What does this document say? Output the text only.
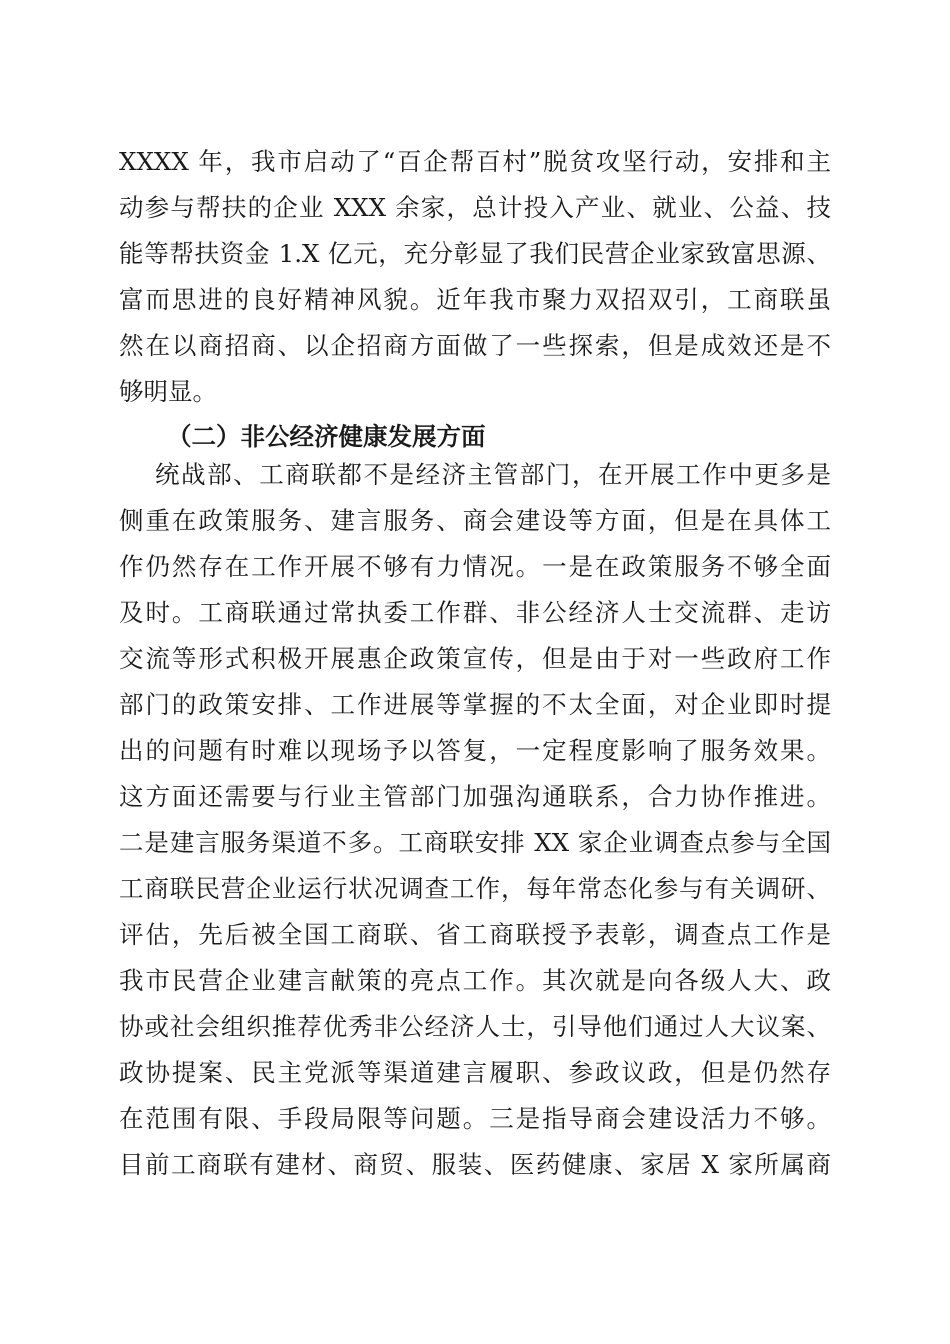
XXXX 年，我市启动了“百企帮百村”脱贫攻坚行动，安排和主
动参与帮扶的企业 XXX 余家，总计投入产业、就业、公益、技
能等帮扶资金 1.X 亿元，充分彰显了我们民营企业家致富思源、
富而思进的良好精神风貌。近年我市聚力双招双引，工商联虽
然在以商招商、以企招商方面做了一些探索，但是成效还是不
够明显。
（二）非公经济健康发展方面
统战部、工商联都不是经济主管部门，在开展工作中更多是
侧重在政策服务、建言服务、商会建设等方面，但是在具体工
作仍然存在工作开展不够有力情况。一是在政策服务不够全面
及时。工商联通过常执委工作群、非公经济人士交流群、走访
交流等形式积极开展惠企政策宣传，但是由于对一些政府工作
部门的政策安排、工作进展等掌握的不太全面，对企业即时提
出的问题有时难以现场予以答复，一定程度影响了服务效果。
这方面还需要与行业主管部门加强沟通联系，合力协作推进。
二是建言服务渠道不多。工商联安排 XX 家企业调查点参与全国
工商联民营企业运行状况调查工作，每年常态化参与有关调研、
评估，先后被全国工商联、省工商联授予表彰，调查点工作是
我市民营企业建言献策的亮点工作。其次就是向各级人大、政
协或社会组织推荐优秀非公经济人士，引导他们通过人大议案、
政协提案、民主党派等渠道建言履职、参政议政，但是仍然存
在范围有限、手段局限等问题。三是指导商会建设活力不够。
目前工商联有建材、商贸、服装、医药健康、家居 X 家所属商
